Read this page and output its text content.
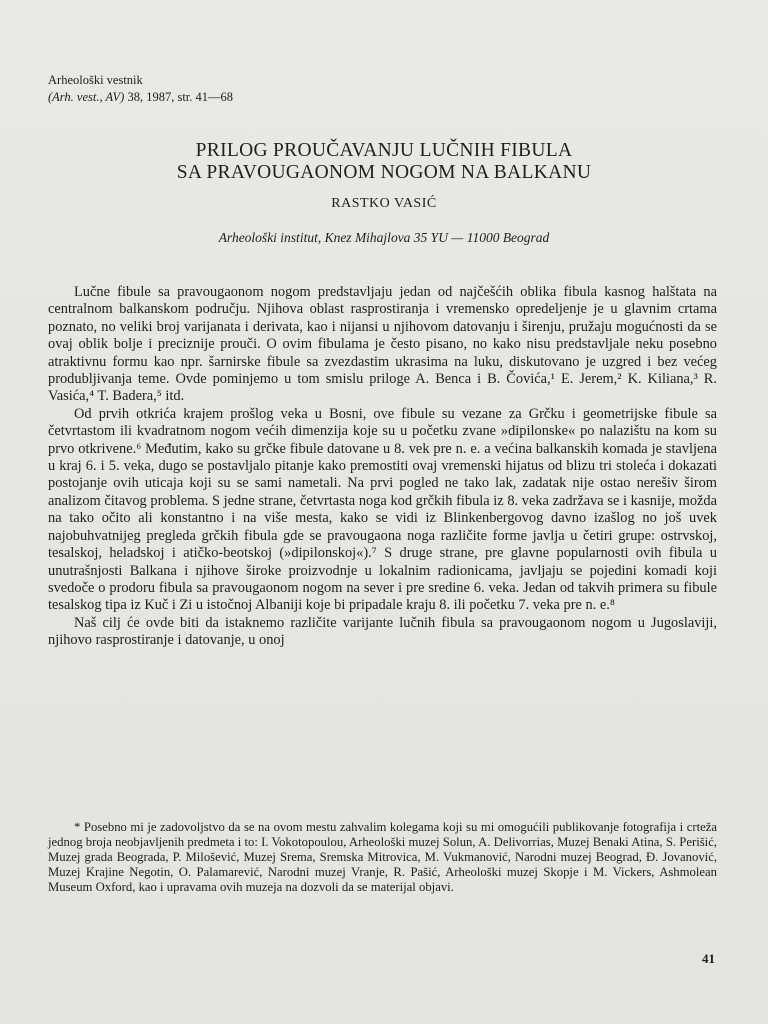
Arheološki vestnik
(Arh. vest., AV) 38, 1987, str. 41—68
PRILOG PROUČAVANJU LUČNIH FIBULA
SA PRAVOUGAONOM NOGOM NA BALKANU
RASTKO VASIĆ
Arheološki institut, Knez Mihajlova 35 YU — 11000 Beograd

Lučne fibule sa pravougaonom nogom predstavljaju jedan od najčešćih oblika fibula kasnog halštata na centralnom balkanskom području. Njihova oblast rasprostiranja i vremensko opredeljenje je u glavnim crtama poznato, no veliki broj varijanata i derivata, kao i nijansi u njihovom datovanju i širenju, pružaju mogućnosti da se ovaj oblik bolje i preciznije prouči. O ovim fibulama je često pisano, no kako nisu predstavljale neku posebno atraktivnu formu kao npr. šarnirske fibule sa zvezdastim ukrasima na luku, diskutovano je uzgred i bez većeg produbljivanja teme. Ovde pominjemo u tom smislu priloge A. Benca i B. Čovića,¹ E. Jerem,² K. Kiliana,³ R. Vasića,⁴ T. Badera,⁵ itd.

Od prvih otkrića krajem prošlog veka u Bosni, ove fibule su vezane za Grčku i geometrijske fibule sa četvrtastom ili kvadratnom nogom većih dimenzija koje su u početku zvane »dipilonske« po nalazištu na kom su prvo otkrivene.⁶ Međutim, kako su grčke fibule datovane u 8. vek pre n. e. a većina balkanskih komada je stavljena u kraj 6. i 5. veka, dugo se postavljalo pitanje kako premostiti ovaj vremenski hijatus od blizu tri stoleća i dokazati postojanje ovih uticaja koji su se sami nametali. Na prvi pogled ne tako lak, zadatak nije ostao nerešiv širom analizom čitavog problema. S jedne strane, četvrtasta noga kod grčkih fibula iz 8. veka zadržava se i kasnije, možda na tako očito ali konstantno i na više mesta, kako se vidi iz Blinkenbergovog davno izašlog no još uvek najobuhvatnijeg pregleda grčkih fibula gde se pravougaona noga različite forme javlja u četiri grupe: ostrvskoj, tesalskoj, heladskoj i atičko-beotskoj (»dipilonskoj«).⁷ S druge strane, pre glavne popularnosti ovih fibula u unutrašnjosti Balkana i njihove široke proizvodnje u lokalnim radionicama, javljaju se pojedini komadi koji svedoče o prodoru fibula sa pravougaonom nogom na sever i pre sredine 6. veka. Jedan od takvih primera su fibule tesalskog tipa iz Kuč i Zi u istočnoj Albaniji koje bi pripadale kraju 8. ili početku 7. veka pre n. e.⁸

Naš cilj će ovde biti da istaknemo različite varijante lučnih fibula sa pravougaonom nogom u Jugoslaviji, njihovo rasprostiranje i datovanje, u onoj

* Posebno mi je zadovoljstvo da se na ovom mestu zahvalim kolegama koji su mi omogućili publikovanje fotografija i crteža jednog broja neobjavljenih predmeta i to: I. Vokotopoulou, Arheološki muzej Solun, A. Delivorrias, Muzej Benaki Atina, S. Perišić, Muzej grada Beograda, P. Milošević, Muzej Srema, Sremska Mitrovica, M. Vukmanović, Narodni muzej Beograd, Đ. Jovanović, Muzej Krajine Negotin, O. Palamarević, Narodni muzej Vranje, R. Pašić, Arheološki muzej Skopje i M. Vickers, Ashmolean Museum Oxford, kao i upravama ovih muzeja na dozvoli da se materijal objavi.

41
